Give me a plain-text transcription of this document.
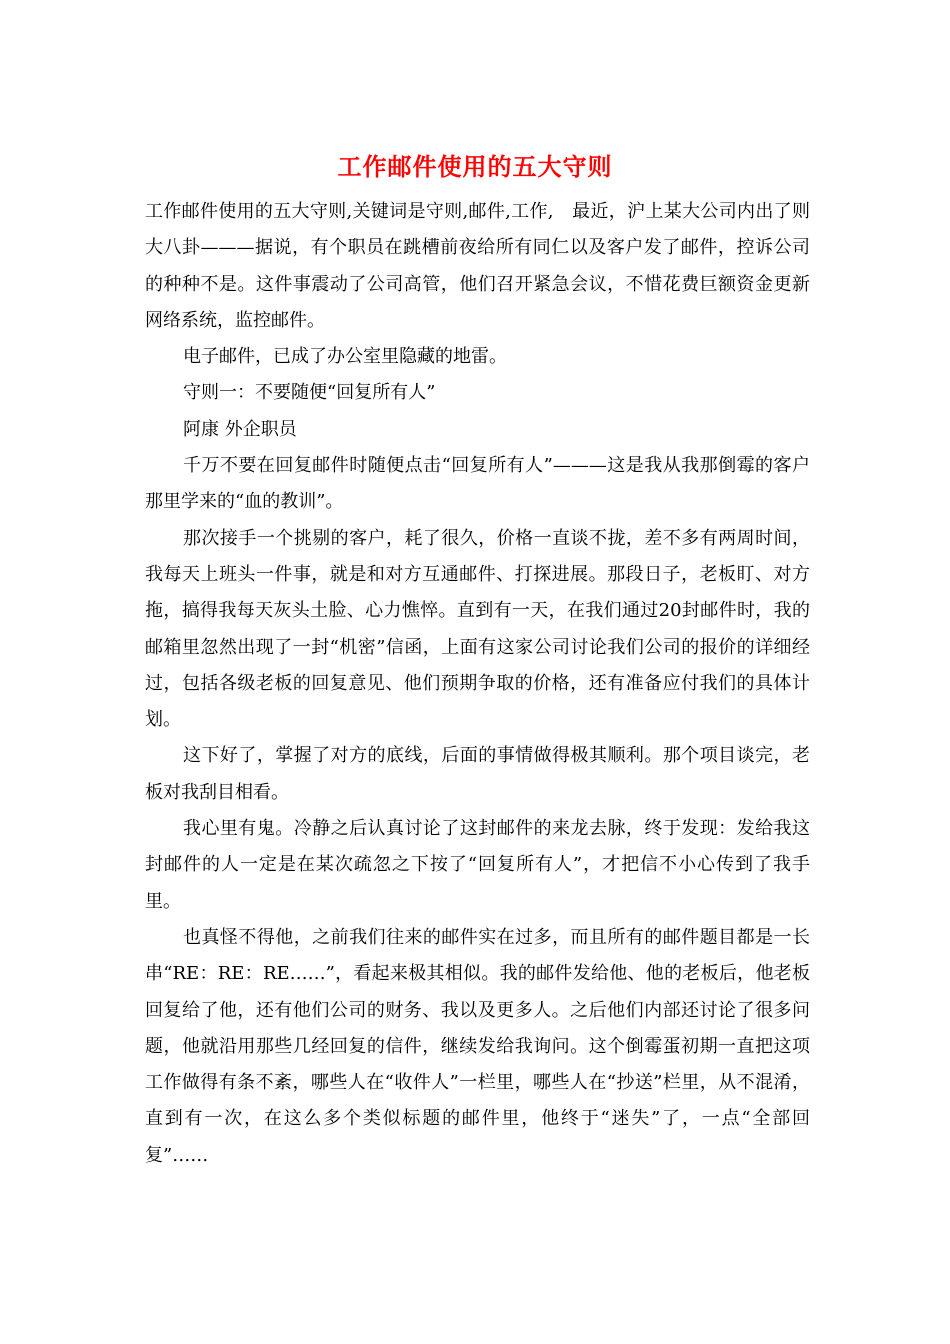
工作邮件使用的五大守则

工作邮件使用的五大守则,关键词是守则,邮件,工作,　最近，沪上某大公司内出了则大八卦———据说，有个职员在跳槽前夜给所有同仁以及客户发了邮件，控诉公司的种种不是。这件事震动了公司高管，他们召开紧急会议，不惜花费巨额资金更新网络系统，监控邮件。

电子邮件，已成了办公室里隐藏的地雷。

守则一：不要随便“回复所有人”

阿康 外企职员

千万不要在回复邮件时随便点击“回复所有人”———这是我从我那倒霉的客户那里学来的“血的教训”。

那次接手一个挑剔的客户，耗了很久，价格一直谈不拢，差不多有两周时间，我每天上班头一件事，就是和对方互通邮件、打探进展。那段日子，老板盯、对方拖，搞得我每天灰头土脸、心力憔悴。直到有一天，在我们通过20封邮件时，我的邮箱里忽然出现了一封“机密”信函，上面有这家公司讨论我们公司的报价的详细经过，包括各级老板的回复意见、他们预期争取的价格，还有准备应付我们的具体计划。

这下好了，掌握了对方的底线，后面的事情做得极其顺利。那个项目谈完，老板对我刮目相看。

我心里有鬼。冷静之后认真讨论了这封邮件的来龙去脉，终于发现：发给我这封邮件的人一定是在某次疏忽之下按了“回复所有人”，才把信不小心传到了我手里。

也真怪不得他，之前我们往来的邮件实在过多，而且所有的邮件题目都是一长串“RE：RE：RE……”，看起来极其相似。我的邮件发给他、他的老板后，他老板回复给了他，还有他们公司的财务、我以及更多人。之后他们内部还讨论了很多问题，他就沿用那些几经回复的信件，继续发给我询问。这个倒霉蛋初期一直把这项工作做得有条不紊，哪些人在“收件人”一栏里，哪些人在“抄送”栏里，从不混淆，直到有一次，在这么多个类似标题的邮件里，他终于“迷失”了，一点“全部回复”……
